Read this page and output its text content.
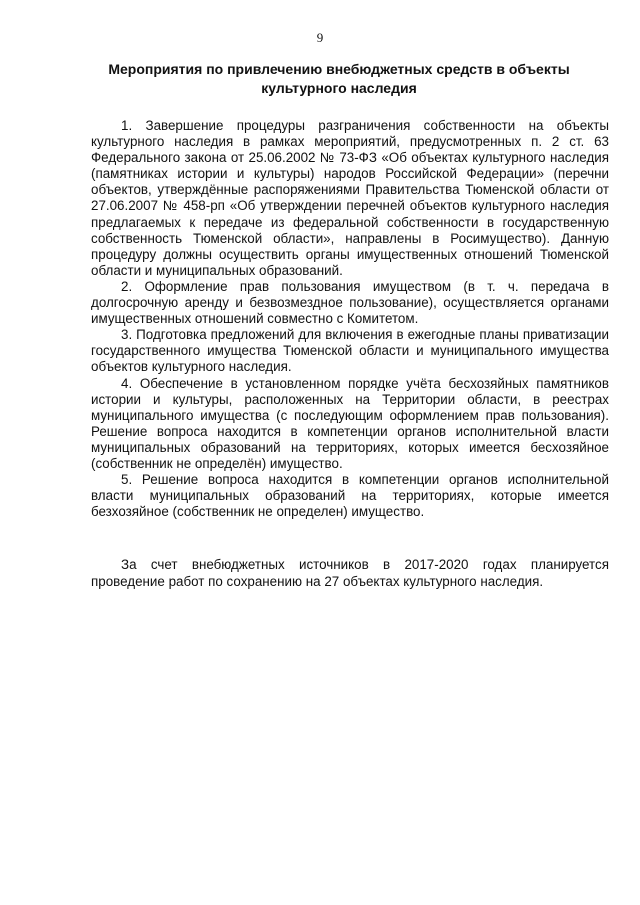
9
Мероприятия по привлечению внебюджетных средств в объекты культурного наследия

1. Завершение процедуры разграничения собственности на объекты культурного наследия в рамках мероприятий, предусмотренных п. 2 ст. 63 Федерального закона от 25.06.2002 № 73-ФЗ «Об объектах культурного наследия (памятниках истории и культуры) народов Российской Федерации» (перечни объектов, утверждённые распоряжениями Правительства Тюменской области от 27.06.2007 № 458-рп «Об утверждении перечней объектов культурного наследия предлагаемых к передаче из федеральной собственности в государственную собственность Тюменской области», направлены в Росимущество). Данную процедуру должны осуществить органы имущественных отношений Тюменской области и муниципальных образований.

2. Оформление прав пользования имуществом (в т. ч. передача в долгосрочную аренду и безвозмездное пользование), осуществляется органами имущественных отношений совместно с Комитетом.

3. Подготовка предложений для включения в ежегодные планы приватизации государственного имущества Тюменской области и муниципального имущества объектов культурного наследия.

4. Обеспечение в установленном порядке учёта бесхозяйных памятников истории и культуры, расположенных на Территории области, в реестрах муниципального имущества (с последующим оформлением прав пользования). Решение вопроса находится в компетенции органов исполнительной власти муниципальных образований на территориях, которых имеется бесхозяйное (собственник не определён) имущество.

5. Решение вопроса находится в компетенции органов исполнительной власти муниципальных образований на территориях, которые имеется безхозяйное (собственник не определен) имущество.

За счет внебюджетных источников в 2017-2020 годах планируется проведение работ по сохранению на 27 объектах культурного наследия.
